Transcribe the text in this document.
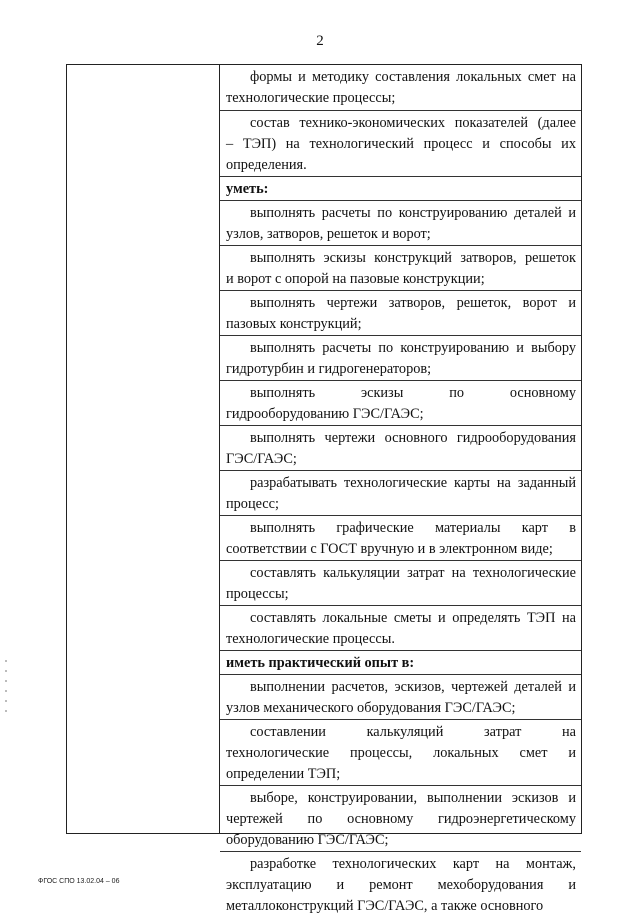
2
формы и методику составления локальных смет на
технологические процессы;
состав технико-экономических показателей (далее
– ТЭП) на технологический процесс и способы их
определения.
уметь:
выполнять расчеты по конструированию деталей и
узлов, затворов, решеток и ворот;
выполнять эскизы конструкций затворов, решеток
и ворот с опорой на пазовые конструкции;
выполнять чертежи затворов, решеток, ворот и
пазовых конструкций;
выполнять расчеты по конструированию и выбору
гидротурбин и гидрогенераторов;
выполнять эскизы по основному
гидрооборудованию ГЭС/ГАЭС;
выполнять чертежи основного гидрооборудования
ГЭС/ГАЭС;
разрабатывать технологические карты на заданный
процесс;
выполнять графические материалы карт в
соответствии с ГОСТ вручную и в электронном виде;
составлять калькуляции затрат на технологические
процессы;
составлять локальные сметы и определять ТЭП на
технологические процессы.
иметь практический опыт в:
выполнении расчетов, эскизов, чертежей деталей и
узлов механического оборудования ГЭС/ГАЭС;
составлении калькуляций затрат на
технологические процессы, локальных смет и
определении ТЭП;
выборе, конструировании, выполнении эскизов и
чертежей по основному гидроэнергетическому
оборудованию ГЭС/ГАЭС;
разработке технологических карт на монтаж,
эксплуатацию и ремонт мехоборудования и
металлоконструкций ГЭС/ГАЭС, а также основного
ФГОС СПО 13.02.04 – 06
